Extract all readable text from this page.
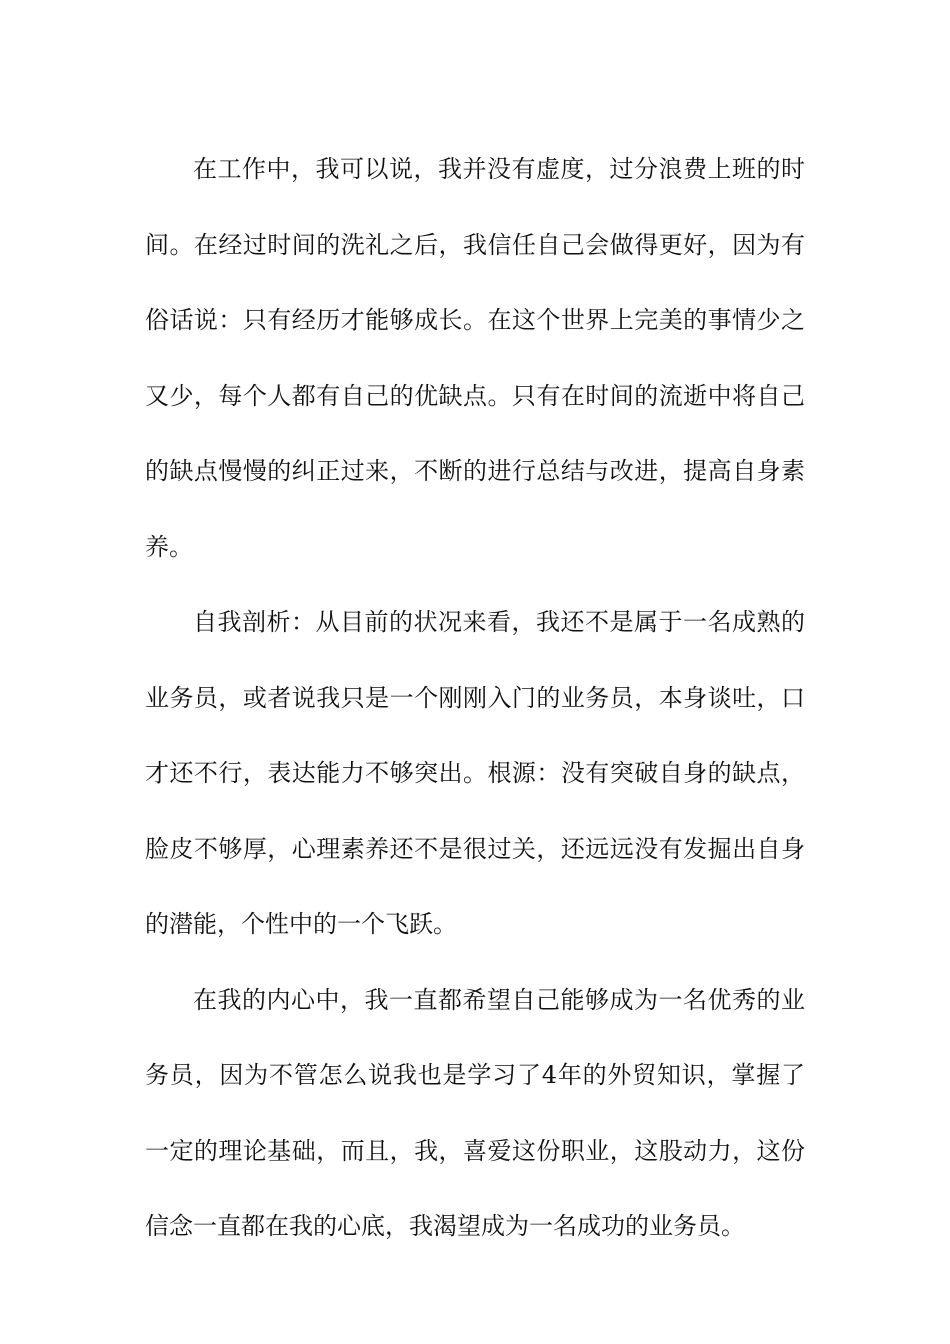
在工作中，我可以说，我并没有虚度，过分浪费上班的时
间。在经过时间的洗礼之后，我信任自己会做得更好，因为有
俗话说：只有经历才能够成长。在这个世界上完美的事情少之
又少，每个人都有自己的优缺点。只有在时间的流逝中将自己
的缺点慢慢的纠正过来，不断的进行总结与改进，提高自身素
养。
自我剖析：从目前的状况来看，我还不是属于一名成熟的
业务员，或者说我只是一个刚刚入门的业务员，本身谈吐，口
才还不行，表达能力不够突出。根源：没有突破自身的缺点，
脸皮不够厚，心理素养还不是很过关，还远远没有发掘出自身
的潜能，个性中的一个飞跃。
在我的内心中，我一直都希望自己能够成为一名优秀的业
务员，因为不管怎么说我也是学习了4年的外贸知识，掌握了
一定的理论基础，而且，我，喜爱这份职业，这股动力，这份
信念一直都在我的心底，我渴望成为一名成功的业务员。
